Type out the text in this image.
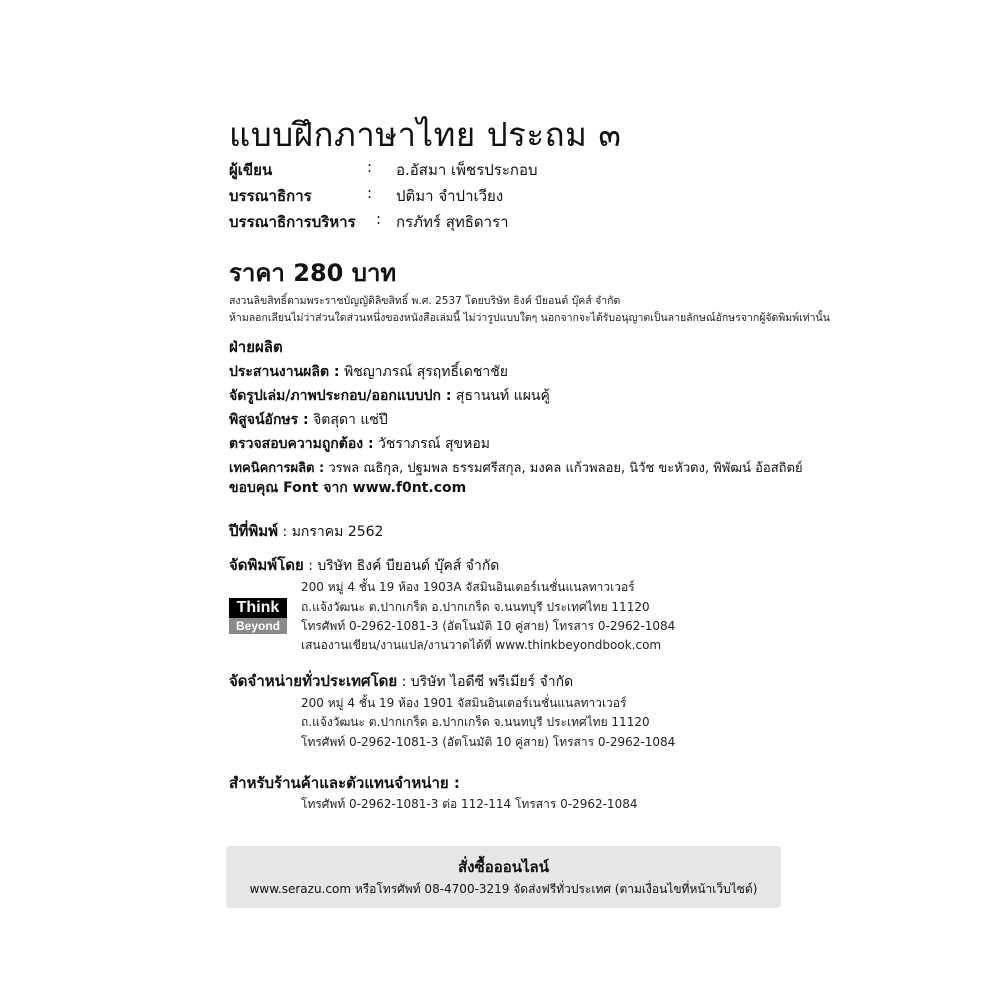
แบบฝึกภาษาไทย ประถม ๓
ผู้เขียน	: อ.อัสมา เพ็ชรประกอบ
บรรณาธิการ	: ปติมา จำปาเวียง
บรรณาธิการบริหาร : กรภัทร์ สุทธิดารา
ราคา 280 บาท
สงวนลิขสิทธิ์ตามพระราชบัญญัติลิขสิทธิ์ พ.ศ. 2537 โดยบริษัท ธิงค์ บียอนด์ บุ๊คส์ จำกัด
ห้ามลอกเลียนไม่ว่าส่วนใดส่วนหนึ่งของหนังสือเล่มนี้ ไม่ว่ารูปแบบใดๆ นอกจากจะได้รับอนุญาตเป็นลายลักษณ์อักษรจากผู้จัดพิมพ์เท่านั้น
ฝ่ายผลิต
ประสานงานผลิต : พิชญาภรณ์ สุรฤทธิ์เดชาชัย
จัดรูปเล่ม/ภาพประกอบ/ออกแบบปก : สุธานนท์ แผนคู้
พิสูจน์อักษร : จิตสุดา แซ่ปึ
ตรวจสอบความถูกต้อง : วัชราภรณ์ สุขหอม
เทคนิคการผลิต : วรพล ณธิกุล, ปฐมพล ธรรมศรีสกุล, มงคล แก้วพลอย, นิวัช ขะหัวดง, พิพัฒน์ อ้อสถิตย์
ขอบคุณ Font จาก www.f0nt.com
ปีที่พิมพ์ : มกราคม 2562
จัดพิมพ์โดย : บริษัท ธิงค์ บียอนด์ บุ๊คส์ จำกัด
200 หมู่ 4 ชั้น 19 ห้อง 1903A จัสมินอินเตอร์เนชั่นแนลทาวเวอร์
ถ.แจ้งวัฒนะ ต.ปากเกร็ด อ.ปากเกร็ด จ.นนทบุรี ประเทศไทย 11120
โทรศัพท์ 0-2962-1081-3 (อัตโนมัติ 10 คู่สาย) โทรสาร 0-2962-1084
เสนองานเขียน/งานแปล/งานวาดได้ที่ www.thinkbeyondbook.com
Think
Beyond
จัดจำหน่ายทั่วประเทศโดย : บริษัท ไอดีซี พรีเมียร์ จำกัด
200 หมู่ 4 ชั้น 19 ห้อง 1901 จัสมินอินเตอร์เนชั่นแนลทาวเวอร์
ถ.แจ้งวัฒนะ ต.ปากเกร็ด อ.ปากเกร็ด จ.นนทบุรี ประเทศไทย 11120
โทรศัพท์ 0-2962-1081-3 (อัตโนมัติ 10 คู่สาย) โทรสาร 0-2962-1084
สำหรับร้านค้าและตัวแทนจำหน่าย :
โทรศัพท์ 0-2962-1081-3 ต่อ 112-114 โทรสาร 0-2962-1084
สั่งซื้อออนไลน์
www.serazu.com หรือโทรศัพท์ 08-4700-3219 จัดส่งฟรีทั่วประเทศ (ตามเงื่อนไขที่หน้าเว็บไซต์)
